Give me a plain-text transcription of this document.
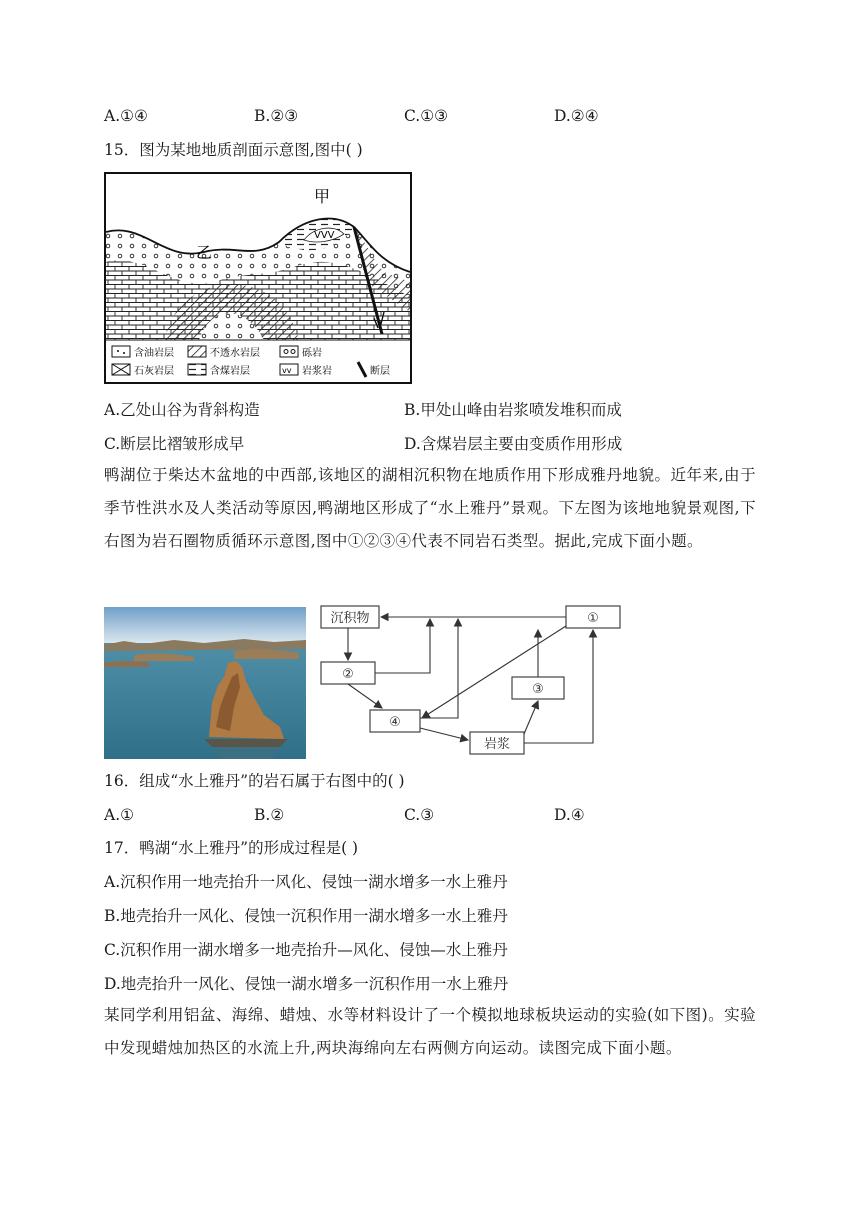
A.①④	B.②③	C.①③	D.②④
15．图为某地地质剖面示意图,图中( )
VVV
甲
乙
含油岩层	不透水岩层	砾岩
石灰岩层	含煤岩层	vv 岩浆岩	断层
A.乙处山谷为背斜构造	B.甲处山峰由岩浆喷发堆积而成
C.断层比褶皱形成早	D.含煤岩层主要由变质作用形成
鸭湖位于柴达木盆地的中西部,该地区的湖相沉积物在地质作用下形成雅丹地貌。近年来,由于季节性洪水及人类活动等原因,鸭湖地区形成了“水上雅丹”景观。下左图为该地地貌景观图,下右图为岩石圈物质循环示意图,图中①②③④代表不同岩石类型。据此,完成下面小题。
沉积物	①
②
③
④
岩浆
16．组成“水上雅丹”的岩石属于右图中的( )
A.①	B.②	C.③	D.④
17．鸭湖“水上雅丹”的形成过程是( )
A.沉积作用一地壳抬升一风化、侵蚀一湖水增多一水上雅丹
B.地壳抬升一风化、侵蚀一沉积作用一湖水增多一水上雅丹
C.沉积作用一湖水增多一地壳抬升—风化、侵蚀—水上雅丹
D.地壳抬升一风化、侵蚀一湖水增多一沉积作用一水上雅丹
某同学利用铝盆、海绵、蜡烛、水等材料设计了一个模拟地球板块运动的实验(如下图)。实验中发现蜡烛加热区的水流上升,两块海绵向左右两侧方向运动。读图完成下面小题。
